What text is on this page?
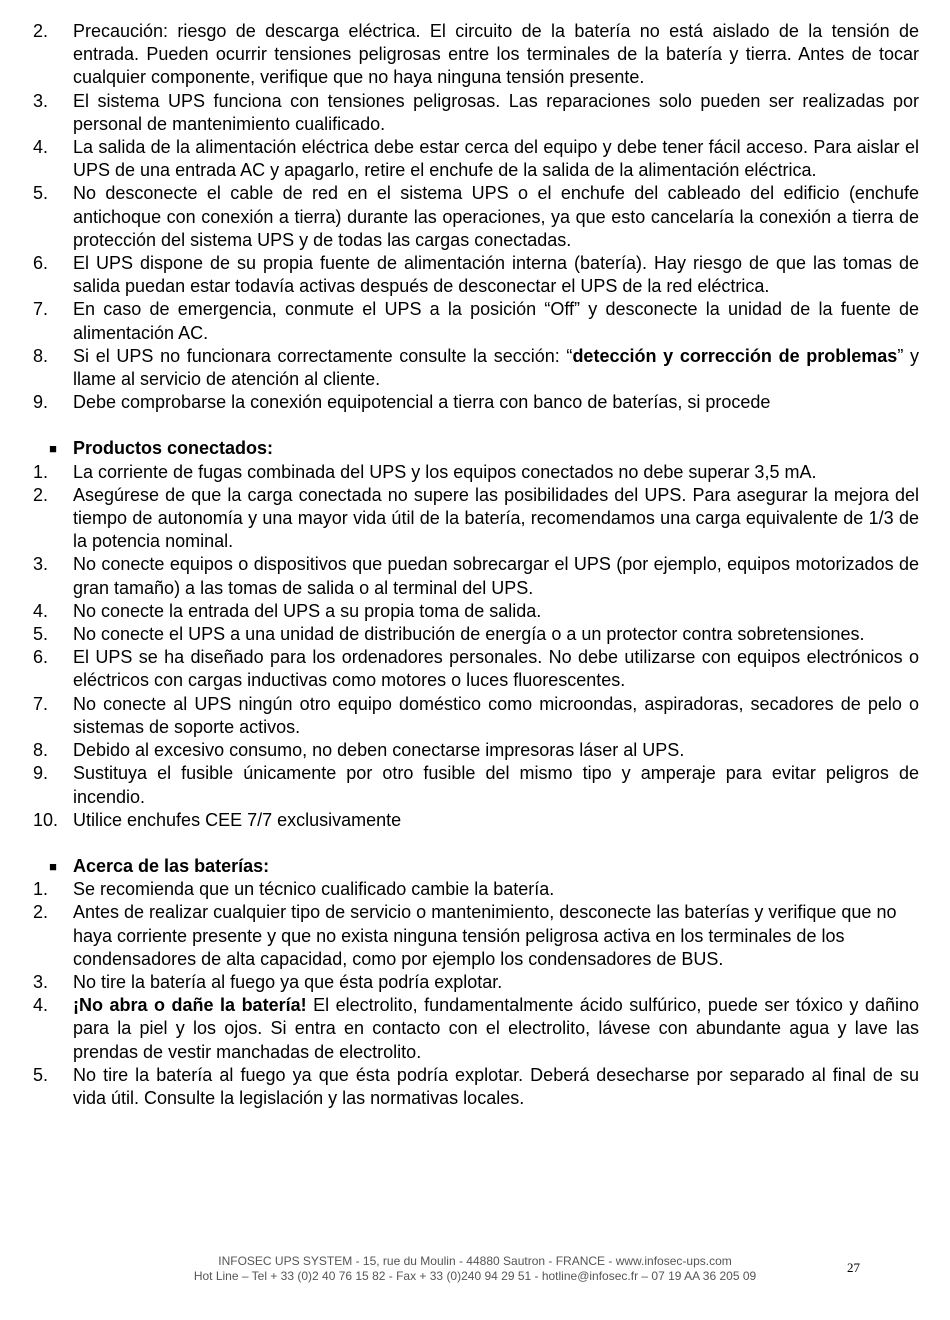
2.	Precaución: riesgo de descarga eléctrica. El circuito de la batería no está aislado de la tensión de entrada. Pueden ocurrir tensiones peligrosas entre los terminales de la batería y tierra. Antes de tocar cualquier componente, verifique que no haya ninguna tensión presente.
3.	El sistema UPS funciona con tensiones peligrosas. Las reparaciones solo pueden ser realizadas por personal de mantenimiento cualificado.
4.	La salida de la alimentación eléctrica debe estar cerca del equipo y debe tener fácil acceso. Para aislar el UPS de una entrada AC y apagarlo, retire el enchufe de la salida de la alimentación eléctrica.
5.	No desconecte el cable de red en el sistema UPS o el enchufe del cableado del edificio (enchufe antichoque con conexión a tierra) durante las operaciones, ya que esto cancelaría la conexión a tierra de protección del sistema UPS y de todas las cargas conectadas.
6.	El UPS dispone de su propia fuente de alimentación interna (batería). Hay riesgo de que las tomas de salida puedan estar todavía activas después de desconectar el UPS de la red eléctrica.
7.	En caso de emergencia, conmute el UPS a la posición “Off” y desconecte la unidad de la fuente de alimentación AC.
8.	Si el UPS no funcionara correctamente consulte la sección: “detección y corrección de problemas” y llame al servicio de atención al cliente.
9.	Debe comprobarse la conexión equipotencial a tierra con banco de baterías, si procede
■ Productos conectados:
1.	La corriente de fugas combinada del UPS y los equipos conectados no debe superar 3,5 mA.
2.	Asegúrese de que la carga conectada no supere las posibilidades del UPS. Para asegurar la mejora del tiempo de autonomía y una mayor vida útil de la batería, recomendamos una carga equivalente de 1/3 de la potencia nominal.
3.	No conecte equipos o dispositivos que puedan sobrecargar el UPS (por ejemplo, equipos motorizados de gran tamaño) a las tomas de salida o al terminal del UPS.
4.	No conecte la entrada del UPS a su propia toma de salida.
5.	No conecte el UPS a una unidad de distribución de energía o a un protector contra sobretensiones.
6.	El UPS se ha diseñado para los ordenadores personales. No debe utilizarse con equipos electrónicos o eléctricos con cargas inductivas como motores o luces fluorescentes.
7.	No conecte al UPS ningún otro equipo doméstico como microondas, aspiradoras, secadores de pelo o sistemas de soporte activos.
8.	Debido al excesivo consumo, no deben conectarse impresoras láser al UPS.
9.	Sustituya el fusible únicamente por otro fusible del mismo tipo y amperaje para evitar peligros de incendio.
10. Utilice enchufes CEE 7/7 exclusivamente
■ Acerca de las baterías:
1.	Se recomienda que un técnico cualificado cambie la batería.
2.	Antes de realizar cualquier tipo de servicio o mantenimiento, desconecte las baterías y verifique que no haya corriente presente y que no exista ninguna tensión peligrosa activa en los terminales de los condensadores de alta capacidad, como por ejemplo los condensadores de BUS.
3.	No tire la batería al fuego ya que ésta podría explotar.
4.	¡No abra o dañe la batería! El electrolito, fundamentalmente ácido sulfúrico, puede ser tóxico y dañino para la piel y los ojos. Si entra en contacto con el electrolito, lávese con abundante agua y lave las prendas de vestir manchadas de electrolito.
5.	No tire la batería al fuego ya que ésta podría explotar. Deberá desecharse por separado al final de su vida útil. Consulte la legislación y las normativas locales.
INFOSEC UPS SYSTEM - 15, rue du Moulin - 44880 Sautron - FRANCE - www.infosec-ups.com
Hot Line – Tel + 33 (0)2 40 76 15 82 - Fax + 33 (0)240 94 29 51 - hotline@infosec.fr – 07 19 AA 36 205 09
27
